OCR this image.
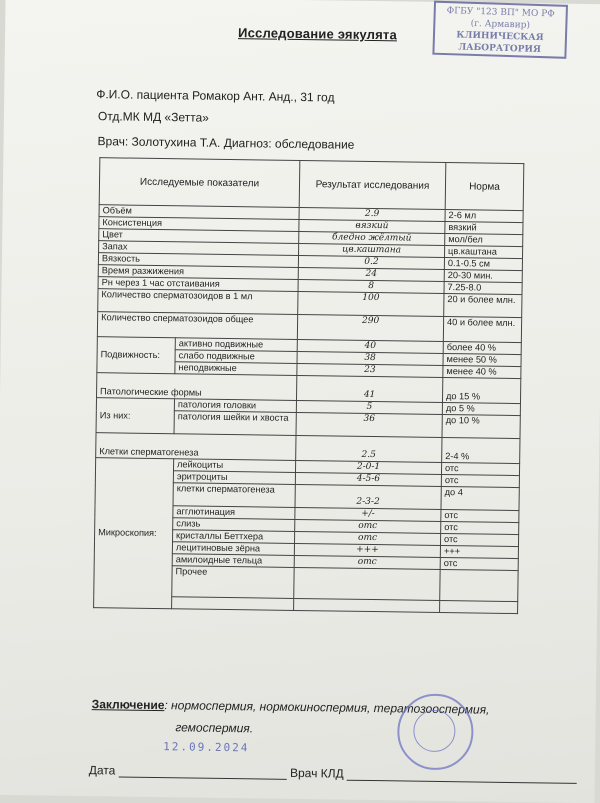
ФГБУ "123 ВП" МО РФ
(г. Армавир)
КЛИНИЧЕСКАЯ
ЛАБОРАТОРИЯ
Исследование эякулята
Ф.И.О. пациента Ромакор Ант. Анд., 31 год
Отд.МК МД «Зетта»
Врач: Золотухина Т.А. Диагноз: обследование
Исследуемые показатели		Результат исследования	Норма
Объём		2.9	2-6 мл
Консистенция		вязкий	вязкий
Цвет		бледно жёлтый	мол/бел
Запах		цв.каштана	цв.каштана
Вязкость		0.2	0.1-0.5 см
Время разжижения		24	20-30 мин.
Рн через 1 час отстаивания		8	7.25-8.0
Количество сперматозоидов в 1 мл		100	20 и более млн.
Количество сперматозоидов общее		290	40 и более млн.
Подвижность:	активно подвижные	40	более 40 %
	слабо подвижные	38	менее 50 %
	неподвижные	23	менее 40 %
Патологические формы		41	до 15 %
Из них:	патология головки	5	до 5 %
	патология шейки и хвоста	36	до 10 %
Клетки сперматогенеза		2.5	2-4 %
Микроскопия:	лейкоциты	2-0-1	отс
	эритроциты	4-5-6	отс
	клетки сперматогенеза	2-3-2	до 4
	агглютинация	+/-	отс
	слизь	отс	отс
	кристаллы Беттхера	отс	отс
	лецитиновые зёрна	+++	+++
	амилоидные тельца	отс	отс
	Прочее		

Заключение: нормоспермия, нормокиноспермия, тератозооспермия,
гемоспермия.
12.09.2024
Дата	Врач КЛД
